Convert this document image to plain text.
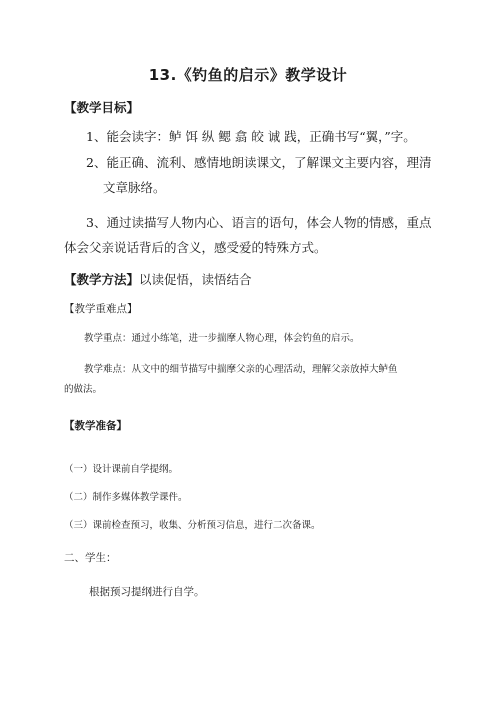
13.《钓鱼的启示》教学设计
【教学目标】
1、能会读字：鲈 饵 纵 鳃 翕 皎 诚 践，正确书写“翼，”字。
2、能正确、流利、感情地朗读课文，了解课文主要内容，理清
文章脉络。
3、通过读描写人物内心、语言的语句，体会人物的情感，重点
体会父亲说话背后的含义，感受爱的特殊方式。
【教学方法】以读促悟，读悟结合
【教学重难点】
教学重点：通过小练笔，进一步揣摩人物心理，体会钓鱼的启示。
教学难点：从文中的细节描写中揣摩父亲的心理活动，理解父亲放掉大鲈鱼
的做法。
【教学准备】
（一）设计课前自学提纲。
（二）制作多媒体教学课件。
（三）课前检查预习，收集、分析预习信息，进行二次备课。
二、学生：
根据预习提纲进行自学。
